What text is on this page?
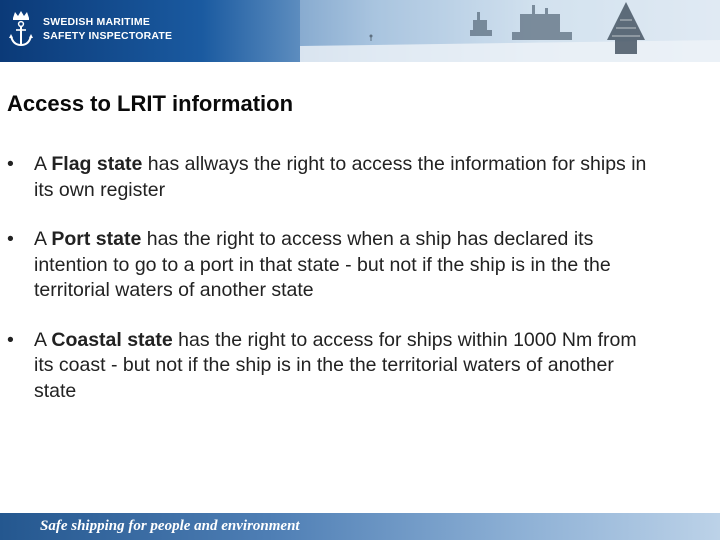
SWEDISH MARITIME
SAFETY INSPECTORATE
Access to LRIT information
• A Flag state has allways the right to access the information for ships in its own register
• A Port state has the right to access when a ship has declared its intention to go to a port in that state - but not if the ship is in the the territorial waters of another state
• A Coastal state has the right to access for ships within 1000 Nm from its coast - but not if the ship is in the the territorial waters of another state
Safe shipping for people and environment
